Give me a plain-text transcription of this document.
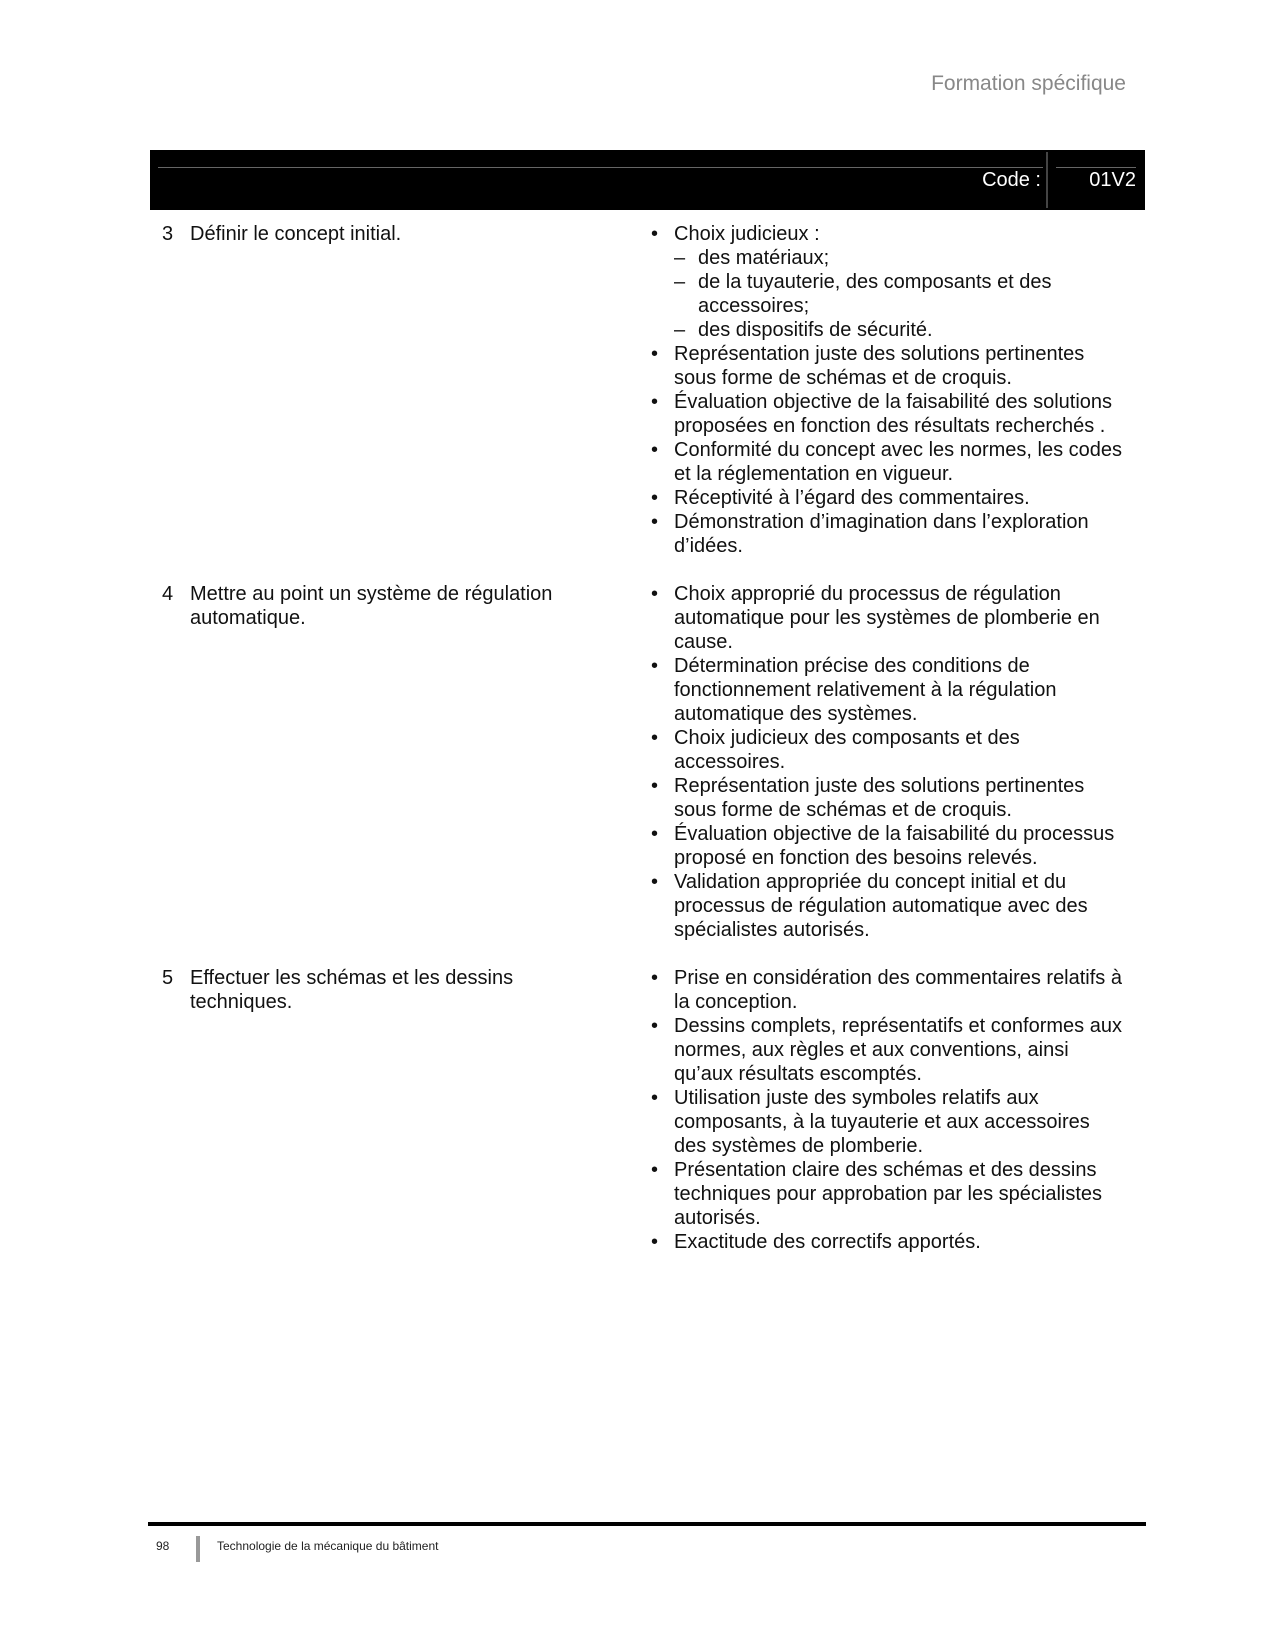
Formation spécifique
Code : 01V2
3 Définir le concept initial.
•	Choix judicieux :
– des matériaux;
– de la tuyauterie, des composants et des accessoires;
– des dispositifs de sécurité.
• Représentation juste des solutions pertinentes sous forme de schémas et de croquis.
• Évaluation objective de la faisabilité des solutions proposées en fonction des résultats recherchés .
• Conformité du concept avec les normes, les codes et la réglementation en vigueur.
• Réceptivité à l’égard des commentaires.
• Démonstration d’imagination dans l’exploration d’idées.
4 Mettre au point un système de régulation automatique.
• Choix approprié du processus de régulation automatique pour les systèmes de plomberie en cause.
• Détermination précise des conditions de fonctionnement relativement à la régulation automatique des systèmes.
• Choix judicieux des composants et des accessoires.
• Représentation juste des solutions pertinentes sous forme de schémas et de croquis.
• Évaluation objective de la faisabilité du processus proposé en fonction des besoins relevés.
• Validation appropriée du concept initial et du processus de régulation automatique avec des spécialistes autorisés.
5 Effectuer les schémas et les dessins techniques.
• Prise en considération des commentaires relatifs à la conception.
• Dessins complets, représentatifs et conformes aux normes, aux règles et aux conventions, ainsi qu’aux résultats escomptés.
• Utilisation juste des symboles relatifs aux composants, à la tuyauterie et aux accessoires des systèmes de plomberie.
• Présentation claire des schémas et des dessins techniques pour approbation par les spécialistes autorisés.
• Exactitude des correctifs apportés.
98	Technologie de la mécanique du bâtiment
